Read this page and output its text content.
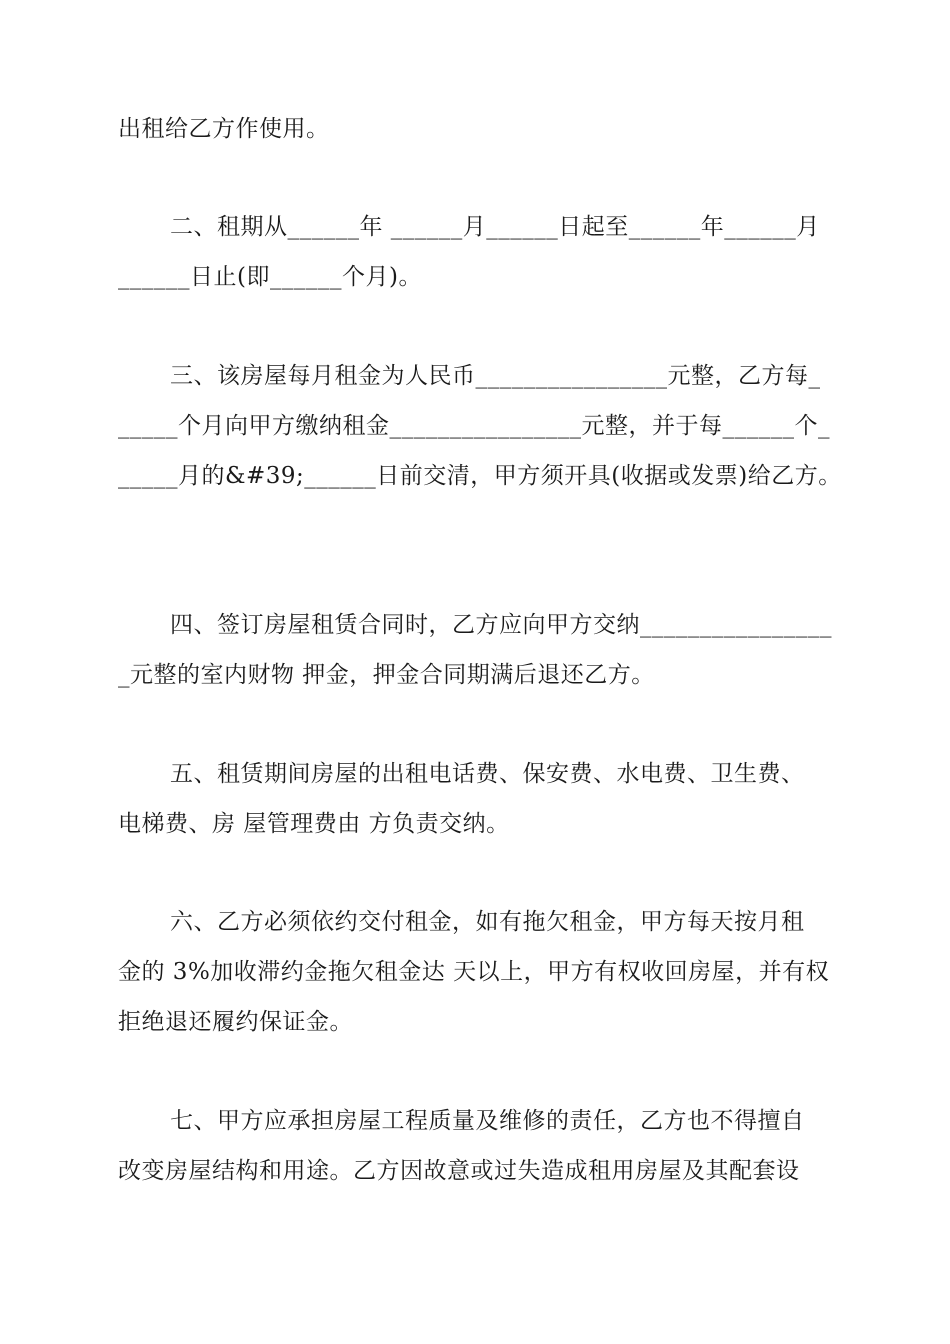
出租给乙方作使用。
二、租期从______年 ______月______日起至______年______月
______日止(即______个月)。
三、该房屋每月租金为人民币________________元整，乙方每_
_____个月向甲方缴纳租金________________元整，并于每______个_
_____月的&#39;______日前交清，甲方须开具(收据或发票)给乙方。
四、签订房屋租赁合同时，乙方应向甲方交纳________________
_元整的室内财物 押金，押金合同期满后退还乙方。
五、租赁期间房屋的出租电话费、保安费、水电费、卫生费、
电梯费、房 屋管理费由 方负责交纳。
六、乙方必须依约交付租金，如有拖欠租金，甲方每天按月租
金的 3%加收滞约金拖欠租金达 天以上，甲方有权收回房屋，并有权
拒绝退还履约保证金。
七、甲方应承担房屋工程质量及维修的责任，乙方也不得擅自
改变房屋结构和用途。乙方因故意或过失造成租用房屋及其配套设
